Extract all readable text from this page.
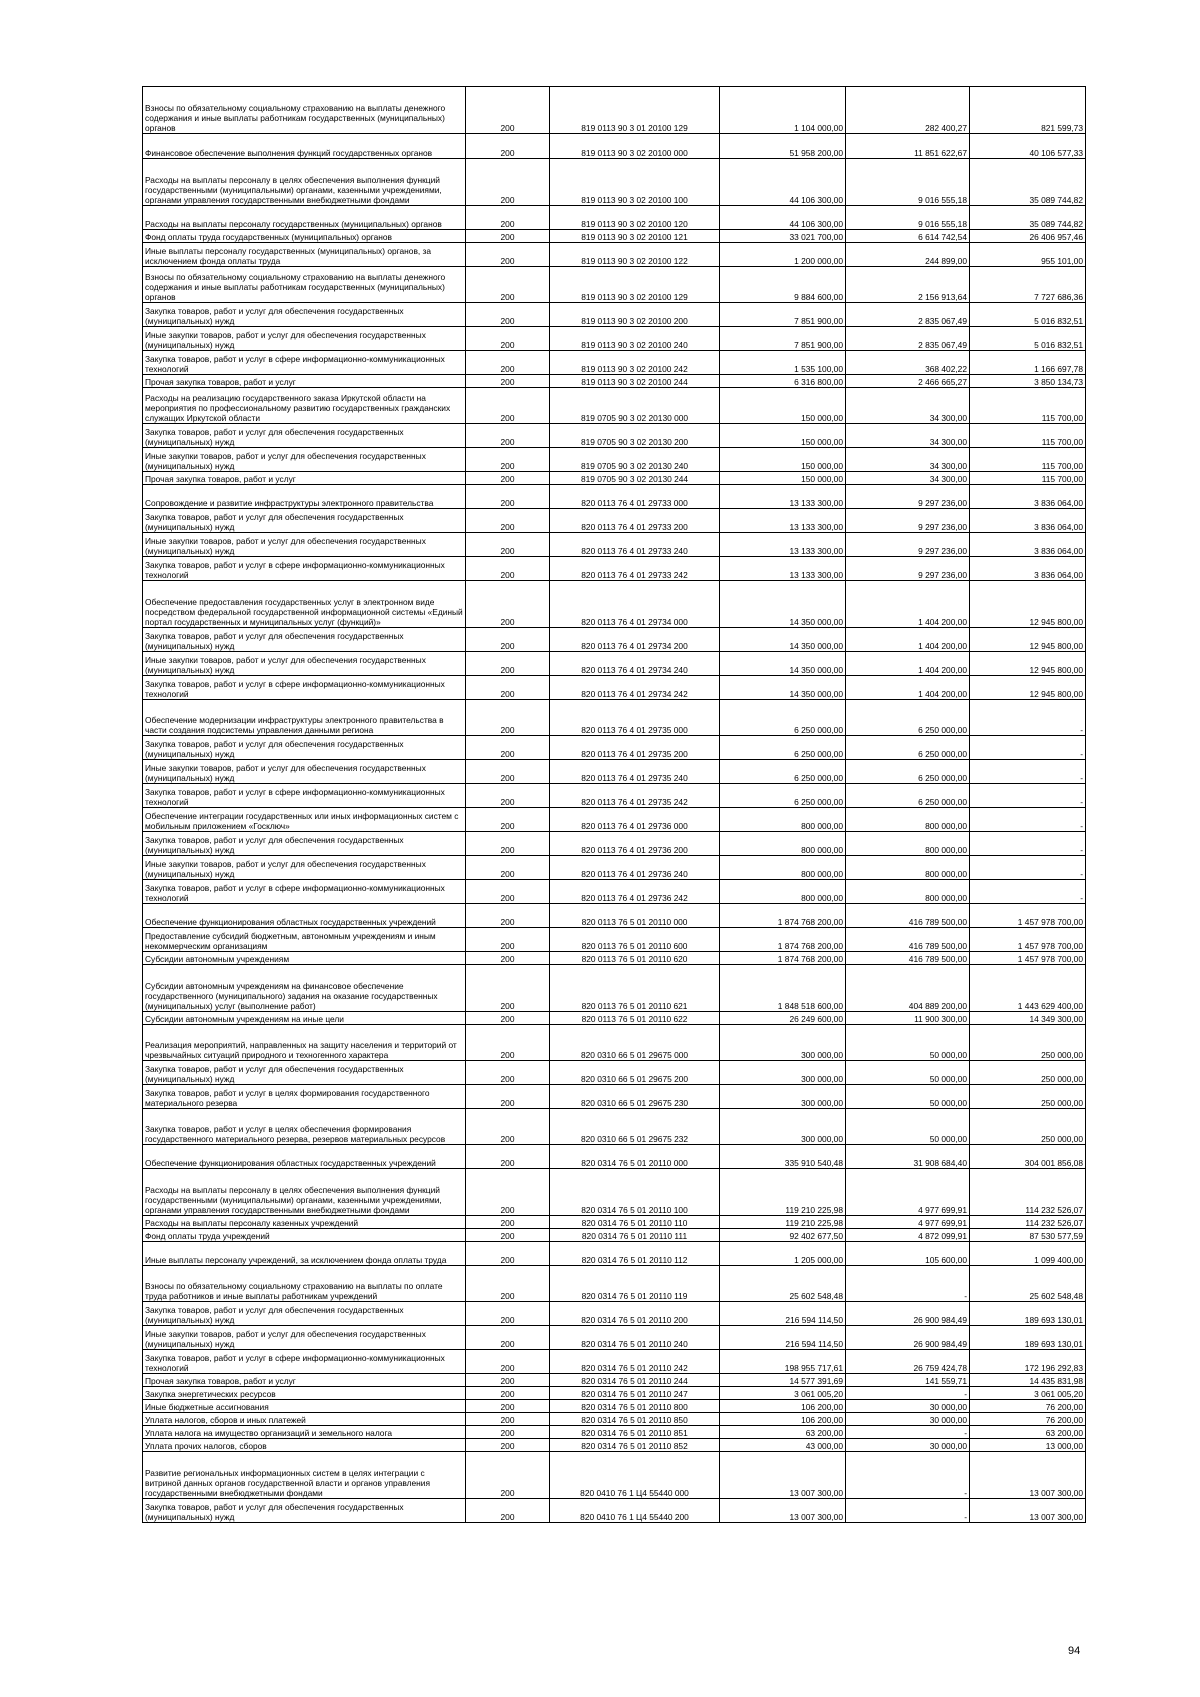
Взносы по обязательному социальному страхованию на выплаты денежного содержания и иные выплаты работникам государственных (муниципальных) органов	200	819 0113 90 3 01 20100 129	1 104 000,00	282 400,27	821 599,73
Финансовое обеспечение выполнения функций государственных органов	200	819 0113 90 3 02 20100 000	51 958 200,00	11 851 622,67	40 106 577,33
Расходы на выплаты персоналу в целях обеспечения выполнения функций государственными (муниципальными) органами, казенными учреждениями, органами управления государственными внебюджетными фондами	200	819 0113 90 3 02 20100 100	44 106 300,00	9 016 555,18	35 089 744,82
Расходы на выплаты персоналу государственных (муниципальных) органов	200	819 0113 90 3 02 20100 120	44 106 300,00	9 016 555,18	35 089 744,82
Фонд оплаты труда государственных (муниципальных) органов	200	819 0113 90 3 02 20100 121	33 021 700,00	6 614 742,54	26 406 957,46
Иные выплаты персоналу государственных (муниципальных) органов, за исключением фонда оплаты труда	200	819 0113 90 3 02 20100 122	1 200 000,00	244 899,00	955 101,00
Взносы по обязательному социальному страхованию на выплаты денежного содержания и иные выплаты работникам государственных (муниципальных) органов	200	819 0113 90 3 02 20100 129	9 884 600,00	2 156 913,64	7 727 686,36
Закупка товаров, работ и услуг для обеспечения государственных (муниципальных) нужд	200	819 0113 90 3 02 20100 200	7 851 900,00	2 835 067,49	5 016 832,51
Иные закупки товаров, работ и услуг для обеспечения государственных (муниципальных) нужд	200	819 0113 90 3 02 20100 240	7 851 900,00	2 835 067,49	5 016 832,51
Закупка товаров, работ и услуг в сфере информационно-коммуникационных технологий	200	819 0113 90 3 02 20100 242	1 535 100,00	368 402,22	1 166 697,78
Прочая закупка товаров, работ и услуг	200	819 0113 90 3 02 20100 244	6 316 800,00	2 466 665,27	3 850 134,73
Расходы на реализацию государственного заказа Иркутской области на мероприятия по профессиональному развитию государственных гражданских служащих Иркутской области	200	819 0705 90 3 02 20130 000	150 000,00	34 300,00	115 700,00
Закупка товаров, работ и услуг для обеспечения государственных (муниципальных) нужд	200	819 0705 90 3 02 20130 200	150 000,00	34 300,00	115 700,00
Иные закупки товаров, работ и услуг для обеспечения государственных (муниципальных) нужд	200	819 0705 90 3 02 20130 240	150 000,00	34 300,00	115 700,00
Прочая закупка товаров, работ и услуг	200	819 0705 90 3 02 20130 244	150 000,00	34 300,00	115 700,00
Сопровождение и развитие инфраструктуры электронного правительства	200	820 0113 76 4 01 29733 000	13 133 300,00	9 297 236,00	3 836 064,00
Закупка товаров, работ и услуг для обеспечения государственных (муниципальных) нужд	200	820 0113 76 4 01 29733 200	13 133 300,00	9 297 236,00	3 836 064,00
Иные закупки товаров, работ и услуг для обеспечения государственных (муниципальных) нужд	200	820 0113 76 4 01 29733 240	13 133 300,00	9 297 236,00	3 836 064,00
Закупка товаров, работ и услуг в сфере информационно-коммуникационных технологий	200	820 0113 76 4 01 29733 242	13 133 300,00	9 297 236,00	3 836 064,00
Обеспечение предоставления государственных услуг в электронном виде посредством федеральной государственной информационной системы «Единый портал государственных и муниципальных услуг (функций)»	200	820 0113 76 4 01 29734 000	14 350 000,00	1 404 200,00	12 945 800,00
Закупка товаров, работ и услуг для обеспечения государственных (муниципальных) нужд	200	820 0113 76 4 01 29734 200	14 350 000,00	1 404 200,00	12 945 800,00
Иные закупки товаров, работ и услуг для обеспечения государственных (муниципальных) нужд	200	820 0113 76 4 01 29734 240	14 350 000,00	1 404 200,00	12 945 800,00
Закупка товаров, работ и услуг в сфере информационно-коммуникационных технологий	200	820 0113 76 4 01 29734 242	14 350 000,00	1 404 200,00	12 945 800,00
Обеспечение модернизации инфраструктуры электронного правительства в части создания подсистемы управления данными региона	200	820 0113 76 4 01 29735 000	6 250 000,00	6 250 000,00	-
Закупка товаров, работ и услуг для обеспечения государственных (муниципальных) нужд	200	820 0113 76 4 01 29735 200	6 250 000,00	6 250 000,00	-
Иные закупки товаров, работ и услуг для обеспечения государственных (муниципальных) нужд	200	820 0113 76 4 01 29735 240	6 250 000,00	6 250 000,00	-
Закупка товаров, работ и услуг в сфере информационно-коммуникационных технологий	200	820 0113 76 4 01 29735 242	6 250 000,00	6 250 000,00	-
Обеспечение интеграции государственных или иных информационных систем с мобильным приложением «Госключ»	200	820 0113 76 4 01 29736 000	800 000,00	800 000,00	-
Закупка товаров, работ и услуг для обеспечения государственных (муниципальных) нужд	200	820 0113 76 4 01 29736 200	800 000,00	800 000,00	-
Иные закупки товаров, работ и услуг для обеспечения государственных (муниципальных) нужд	200	820 0113 76 4 01 29736 240	800 000,00	800 000,00	-
Закупка товаров, работ и услуг в сфере информационно-коммуникационных технологий	200	820 0113 76 4 01 29736 242	800 000,00	800 000,00	-
Обеспечение функционирования областных государственных учреждений	200	820 0113 76 5 01 20110 000	1 874 768 200,00	416 789 500,00	1 457 978 700,00
Предоставление субсидий бюджетным, автономным учреждениям и иным некоммерческим организациям	200	820 0113 76 5 01 20110 600	1 874 768 200,00	416 789 500,00	1 457 978 700,00
Субсидии автономным учреждениям	200	820 0113 76 5 01 20110 620	1 874 768 200,00	416 789 500,00	1 457 978 700,00
Субсидии автономным учреждениям на финансовое обеспечение государственного (муниципального) задания на оказание государственных (муниципальных) услуг (выполнение работ)	200	820 0113 76 5 01 20110 621	1 848 518 600,00	404 889 200,00	1 443 629 400,00
Субсидии автономным учреждениям на иные цели	200	820 0113 76 5 01 20110 622	26 249 600,00	11 900 300,00	14 349 300,00
Реализация мероприятий, направленных на защиту населения и территорий от чрезвычайных ситуаций природного и техногенного характера	200	820 0310 66 5 01 29675 000	300 000,00	50 000,00	250 000,00
Закупка товаров, работ и услуг для обеспечения государственных (муниципальных) нужд	200	820 0310 66 5 01 29675 200	300 000,00	50 000,00	250 000,00
Закупка товаров, работ и услуг в целях формирования государственного материального резерва	200	820 0310 66 5 01 29675 230	300 000,00	50 000,00	250 000,00
Закупка товаров, работ и услуг в целях обеспечения формирования государственного материального резерва, резервов материальных ресурсов	200	820 0310 66 5 01 29675 232	300 000,00	50 000,00	250 000,00
Обеспечение функционирования областных государственных учреждений	200	820 0314 76 5 01 20110 000	335 910 540,48	31 908 684,40	304 001 856,08
Расходы на выплаты персоналу в целях обеспечения выполнения функций государственными (муниципальными) органами, казенными учреждениями, органами управления государственными внебюджетными фондами	200	820 0314 76 5 01 20110 100	119 210 225,98	4 977 699,91	114 232 526,07
Расходы на выплаты персоналу казенных учреждений	200	820 0314 76 5 01 20110 110	119 210 225,98	4 977 699,91	114 232 526,07
Фонд оплаты труда учреждений	200	820 0314 76 5 01 20110 111	92 402 677,50	4 872 099,91	87 530 577,59
Иные выплаты персоналу учреждений, за исключением фонда оплаты труда	200	820 0314 76 5 01 20110 112	1 205 000,00	105 600,00	1 099 400,00
Взносы по обязательному социальному страхованию на выплаты по оплате труда работников и иные выплаты работникам учреждений	200	820 0314 76 5 01 20110 119	25 602 548,48	-	25 602 548,48
Закупка товаров, работ и услуг для обеспечения государственных (муниципальных) нужд	200	820 0314 76 5 01 20110 200	216 594 114,50	26 900 984,49	189 693 130,01
Иные закупки товаров, работ и услуг для обеспечения государственных (муниципальных) нужд	200	820 0314 76 5 01 20110 240	216 594 114,50	26 900 984,49	189 693 130,01
Закупка товаров, работ и услуг в сфере информационно-коммуникационных технологий	200	820 0314 76 5 01 20110 242	198 955 717,61	26 759 424,78	172 196 292,83
Прочая закупка товаров, работ и услуг	200	820 0314 76 5 01 20110 244	14 577 391,69	141 559,71	14 435 831,98
Закупка энергетических ресурсов	200	820 0314 76 5 01 20110 247	3 061 005,20	-	3 061 005,20
Иные бюджетные ассигнования	200	820 0314 76 5 01 20110 800	106 200,00	30 000,00	76 200,00
Уплата налогов, сборов и иных платежей	200	820 0314 76 5 01 20110 850	106 200,00	30 000,00	76 200,00
Уплата налога на имущество организаций и земельного налога	200	820 0314 76 5 01 20110 851	63 200,00	-	63 200,00
Уплата прочих налогов, сборов	200	820 0314 76 5 01 20110 852	43 000,00	30 000,00	13 000,00
Развитие региональных информационных систем в целях интеграции с витриной данных органов государственной власти и органов управления государственными внебюджетными фондами	200	820 0410 76 1 Ц4 55440 000	13 007 300,00	-	13 007 300,00
Закупка товаров, работ и услуг для обеспечения государственных (муниципальных) нужд	200	820 0410 76 1 Ц4 55440 200	13 007 300,00	-	13 007 300,00
94
